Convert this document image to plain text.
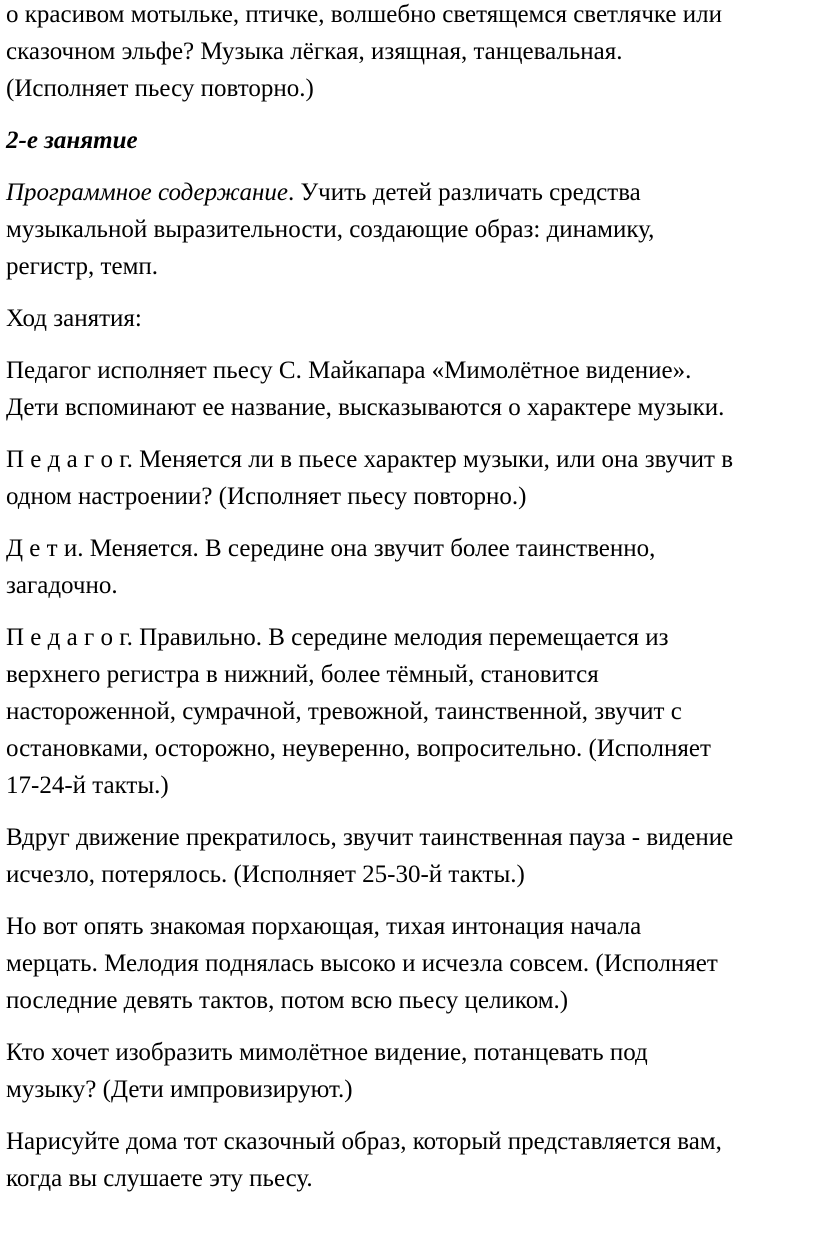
о красивом мотыльке, птичке, волшебно светящемся светлячке или
сказочном эльфе? Музыка лёгкая, изящная, танцевальная.
(Исполняет пьесу повторно.)

2-е занятие

Программное содержание. Учить детей различать средства
музыкальной выразительности, создающие образ: динамику,
регистр, темп.

Ход занятия:

Педагог исполняет пьесу С. Майкапара «Мимолётное видение».
Дети вспоминают ее название, высказываются о характере музыки.

П е д а г о г. Меняется ли в пьесе характер музыки, или она звучит в
одном настроении? (Исполняет пьесу повторно.)

Д е т и. Меняется. В середине она звучит более таинственно,
загадочно.

П е д а г о г. Правильно. В середине мелодия перемещается из
верхнего регистра в нижний, более тёмный, становится
настороженной, сумрачной, тревожной, таинственной, звучит с
остановками, осторожно, неуверенно, вопросительно. (Исполняет
17-24-й такты.)

Вдруг движение прекратилось, звучит таинственная пауза - видение
исчезло, потерялось. (Исполняет 25-30-й такты.)

Но вот опять знакомая порхающая, тихая интонация начала
мерцать. Мелодия поднялась высоко и исчезла совсем. (Исполняет
последние девять тактов, потом всю пьесу целиком.)

Кто хочет изобразить мимолётное видение, потанцевать под
музыку? (Дети импровизируют.)

Нарисуйте дома тот сказочный образ, который представляется вам,
когда вы слушаете эту пьесу.
